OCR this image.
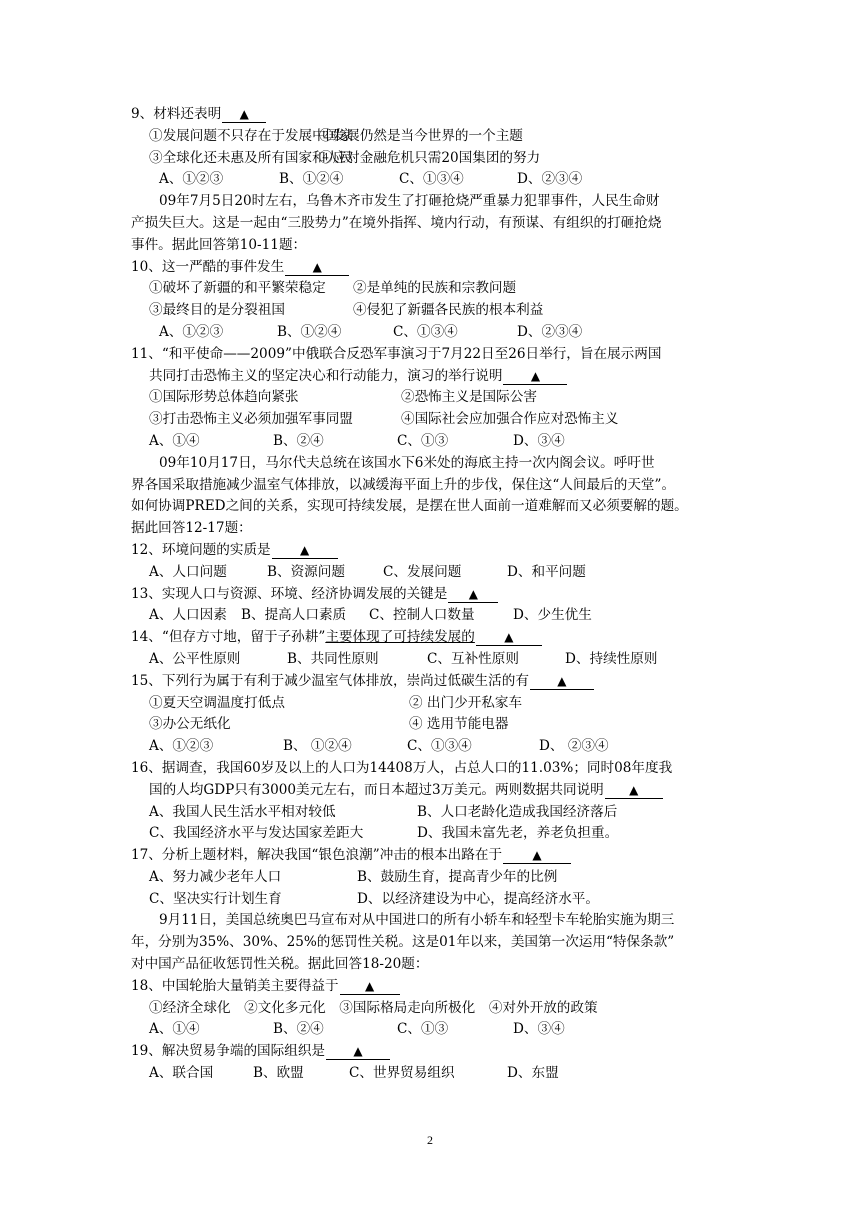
9、材料还表明 ▲
①发展问题不只存在于发展中国家②发展仍然是当今世界的一个主题
③全球化还未惠及所有国家和人民④应对金融危机只需20国集团的努力
A、①②③	B、①②④	C、①③④	D、②③④
09年7月5日20时左右，乌鲁木齐市发生了打砸抢烧严重暴力犯罪事件，人民生命财
产损失巨大。这是一起由“三股势力”在境外指挥、境内行动，有预谋、有组织的打砸抢烧
事件。据此回答第10-11题：
10、这一严酷的事件发生 ▲
①破坏了新疆的和平繁荣稳定 ②是单纯的民族和宗教问题
③最终目的是分裂祖国	④侵犯了新疆各民族的根本利益
A、①②③	B、①②④	C、①③④	D、②③④
11、“和平使命——2009”中俄联合反恐军事演习于7月22日至26日举行，旨在展示两国
共同打击恐怖主义的坚定决心和行动能力，演习的举行说明 ▲
①国际形势总体趋向紧张	②恐怖主义是国际公害
③打击恐怖主义必须加强军事同盟	④国际社会应加强合作应对恐怖主义
A、①④	B、②④	C、①③	D、③④
09年10月17日，马尔代夫总统在该国水下6米处的海底主持一次内阁会议。呼吁世
界各国采取措施减少温室气体排放，以减缓海平面上升的步伐，保住这“人间最后的天堂”。
如何协调PRED之间的关系，实现可持续发展，是摆在世人面前一道难解而又必须要解的题。
据此回答12-17题：
12、环境问题的实质是 ▲
A、人口问题	B、资源问题	C、发展问题	D、和平问题
13、实现人口与资源、环境、经济协调发展的关键是 ▲
A、人口因素 B、提高人口素质 C、控制人口数量	D、少生优生
14、“但存方寸地，留于子孙耕”主要体现了可持续发展的 ▲
A、公平性原则	B、共同性原则	C、互补性原则	D、持续性原则
15、下列行为属于有利于减少温室气体排放，崇尚过低碳生活的有 ▲
①夏天空调温度打低点	② 出门少开私家车
③办公无纸化	④ 选用节能电器
A、①②③	B、 ①②④	C、①③④	D、 ②③④
16、据调查，我国60岁及以上的人口为14408万人，占总人口的11.03%；同时08年度我
国的人均GDP只有3000美元左右，而日本超过3万美元。两则数据共同说明 ▲
A、我国人民生活水平相对较低	B、人口老龄化造成我国经济落后
C、我国经济水平与发达国家差距大	D、我国未富先老，养老负担重。
17、分析上题材料，解决我国“银色浪潮”冲击的根本出路在于	▲
A、努力减少老年人口	B、鼓励生育，提高青少年的比例
C、坚决实行计划生育	D、以经济建设为中心，提高经济水平。
9月11日，美国总统奥巴马宣布对从中国进口的所有小轿车和轻型卡车轮胎实施为期三
年，分别为35%、30%、25%的惩罚性关税。这是01年以来，美国第一次运用“特保条款”
对中国产品征收惩罚性关税。据此回答18-20题：
18、中国轮胎大量销美主要得益于 ▲
①经济全球化　②文化多元化　③国际格局走向所极化　④对外开放的政策
A、①④	B、②④	C、①③	D、③④
19、解决贸易争端的国际组织是 ▲
A、联合国	B、欧盟	C、世界贸易组织	D、东盟
2
